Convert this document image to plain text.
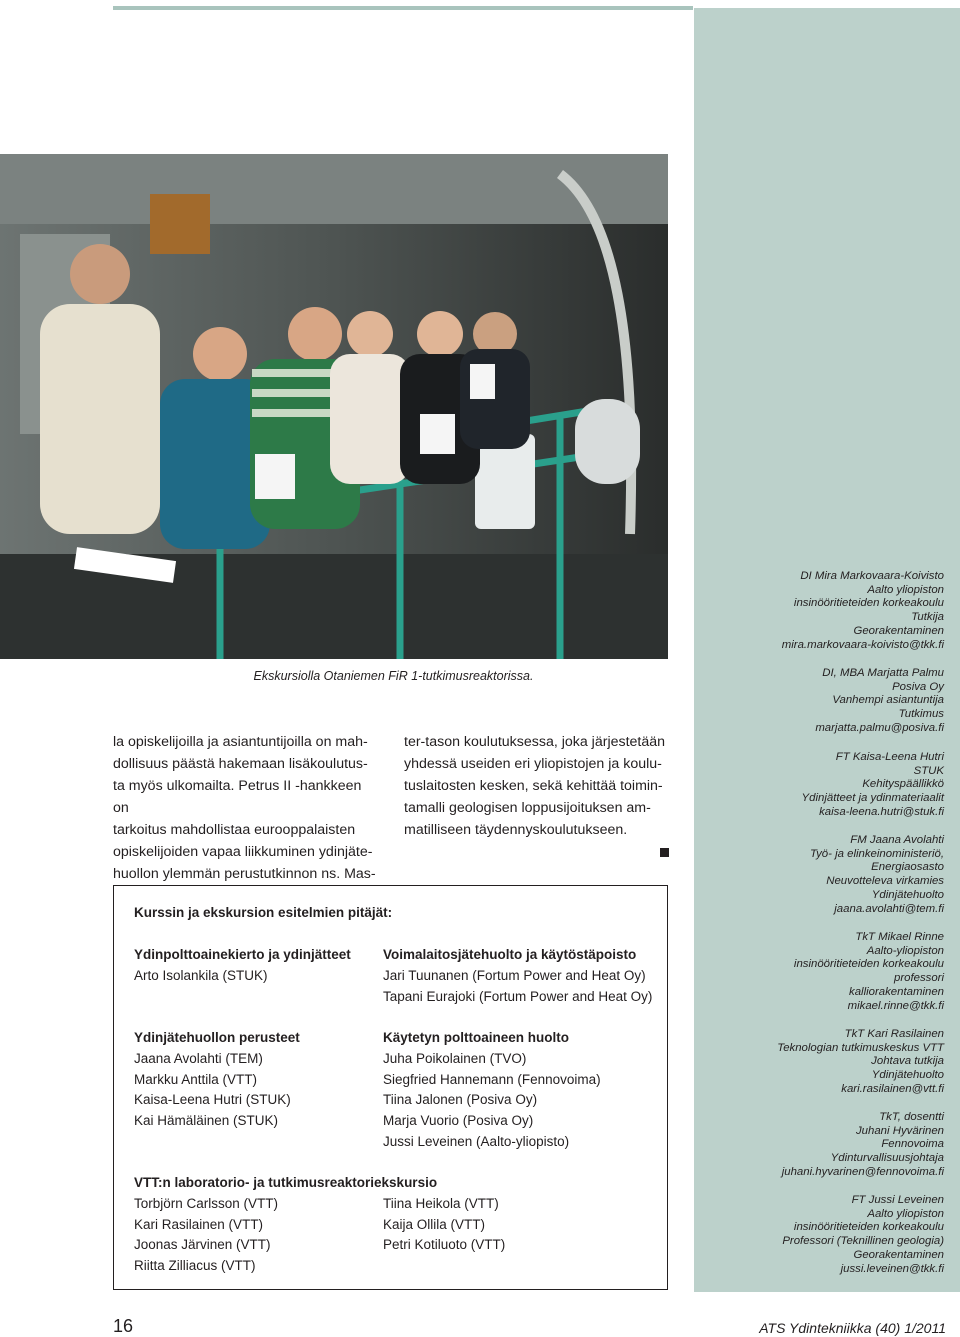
Ekskursiolla Otaniemen FiR 1-tutkimusreaktorissa.

la opiskelijoilla ja asiantuntijoilla on mah-

dollisuus päästä hakemaan lisäkoulutus-

ta myös ulkomailta. Petrus II -hankkeen on

tarkoitus mahdollistaa eurooppalaisten

opiskelijoiden vapaa liikkuminen ydinjäte-

huollon ylemmän perustutkinnon ns. Mas-

ter-tason koulutuksessa, joka järjestetään

yhdessä useiden eri yliopistojen ja koulu-

tuslaitosten kesken, sekä kehittää toimin-

tamalli geologisen loppusijoituksen am-

matilliseen täydennyskoulutukseen.

Kurssin ja ekskursion esitelmien pitäjät:
Ydinpolttoainekierto ja ydinjätteet
Arto Isolankila (STUK)
Voimalaitosjätehuolto ja käytöstäpoisto
Jari Tuunanen (Fortum Power and Heat Oy)
Tapani Eurajoki (Fortum Power and Heat Oy)
Ydinjätehuollon perusteet
Jaana Avolahti (TEM)
Markku Anttila (VTT)
Kaisa-Leena Hutri (STUK)
Kai Hämäläinen (STUK)
Käytetyn polttoaineen huolto
Juha Poikolainen (TVO)
Siegfried Hannemann (Fennovoima)
Tiina Jalonen (Posiva Oy)
Marja Vuorio (Posiva Oy)
Jussi Leveinen (Aalto-yliopisto)
VTT:n laboratorio- ja tutkimusreaktoriekskursio
Torbjörn Carlsson (VTT)
Kari Rasilainen (VTT)
Joonas Järvinen (VTT)
Riitta Zilliacus (VTT)
Tiina Heikola (VTT)
Kaija Ollila (VTT)
Petri Kotiluoto (VTT)
DI Mira Markovaara-Koivisto
Aalto yliopiston
insinööritieteiden korkeakoulu
Tutkija
Georakentaminen
mira.markovaara-koivisto@tkk.fi
DI, MBA Marjatta Palmu
Posiva Oy
Vanhempi asiantuntija
Tutkimus
marjatta.palmu@posiva.fi
FT Kaisa-Leena Hutri
STUK
Kehityspäällikkö
Ydinjätteet ja ydinmateriaalit
kaisa-leena.hutri@stuk.fi
FM Jaana Avolahti
Työ- ja elinkeinoministeriö,
Energiaosasto
Neuvotteleva virkamies
Ydinjätehuolto
jaana.avolahti@tem.fi
TkT Mikael Rinne
Aalto-yliopiston
insinööritieteiden korkeakoulu
professori
kalliorakentaminen
mikael.rinne@tkk.fi
TkT Kari Rasilainen
Teknologian tutkimuskeskus VTT
Johtava tutkija
Ydinjätehuolto
kari.rasilainen@vtt.fi
TkT, dosentti
Juhani Hyvärinen
Fennovoima
Ydinturvallisuusjohtaja
juhani.hyvarinen@fennovoima.fi
FT Jussi Leveinen
Aalto yliopiston
insinööritieteiden korkeakoulu
Professori (Teknillinen geologia)
Georakentaminen
jussi.leveinen@tkk.fi
16	ATS Ydintekniikka (40) 1/2011
